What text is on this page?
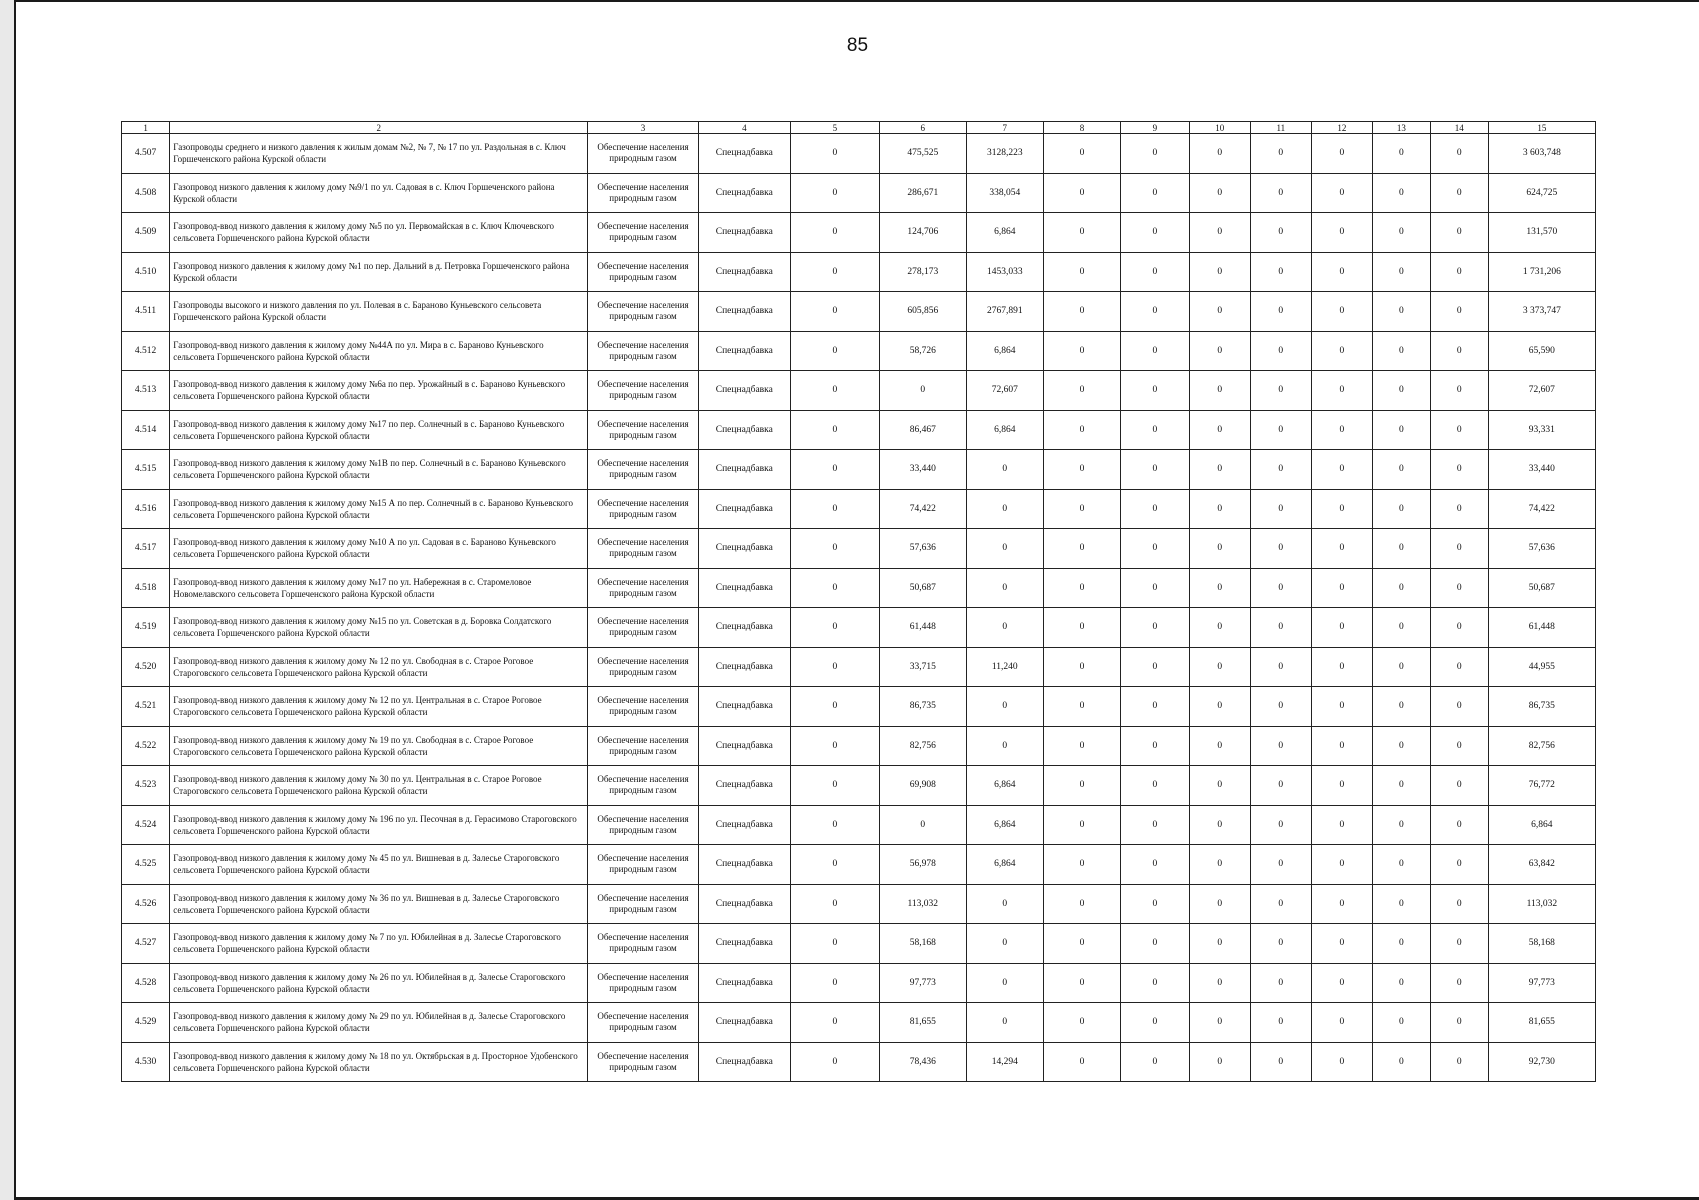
85
1	2	3	4	5	6	7	8	9	10	11	12	13	14	15
4.507	Газопроводы среднего и низкого давления к жилым домам №2, № 7, № 17 по ул. Раздольная в с. Ключ Горшеченского района Курской области	Обеспечение населения природным газом	Спецнадбавка	0	475,525	3128,223	0	0	0	0	0	0	0	3 603,748
4.508	Газопровод низкого давления к жилому дому №9/1 по ул. Садовая в с. Ключ Горшеченского района Курской области	Обеспечение населения природным газом	Спецнадбавка	0	286,671	338,054	0	0	0	0	0	0	0	624,725
4.509	Газопровод-ввод низкого давления к жилому дому №5 по ул. Первомайская в с. Ключ Ключевского сельсовета Горшеченского района Курской области	Обеспечение населения природным газом	Спецнадбавка	0	124,706	6,864	0	0	0	0	0	0	0	131,570
4.510	Газопровод низкого давления к жилому дому №1 по пер. Дальний в д. Петровка Горшеченского района Курской области	Обеспечение населения природным газом	Спецнадбавка	0	278,173	1453,033	0	0	0	0	0	0	0	1 731,206
4.511	Газопроводы высокого и низкого давления по ул. Полевая в с. Бараново Куньевского сельсовета Горшеченского района Курской области	Обеспечение населения природным газом	Спецнадбавка	0	605,856	2767,891	0	0	0	0	0	0	0	3 373,747
4.512	Газопровод-ввод низкого давления к жилому дому №44А по ул. Мира в с. Бараново Куньевского сельсовета Горшеченского района Курской области	Обеспечение населения природным газом	Спецнадбавка	0	58,726	6,864	0	0	0	0	0	0	0	65,590
4.513	Газопровод-ввод низкого давления к жилому дому №6а по пер. Урожайный в с. Бараново Куньевского сельсовета Горшеченского района Курской области	Обеспечение населения природным газом	Спецнадбавка	0	0	72,607	0	0	0	0	0	0	0	72,607
4.514	Газопровод-ввод низкого давления к жилому дому №17 по пер. Солнечный в с. Бараново Куньевского сельсовета Горшеченского района Курской области	Обеспечение населения природным газом	Спецнадбавка	0	86,467	6,864	0	0	0	0	0	0	0	93,331
4.515	Газопровод-ввод низкого давления к жилому дому №1В по пер. Солнечный в с. Бараново Куньевского сельсовета Горшеченского района Курской области	Обеспечение населения природным газом	Спецнадбавка	0	33,440	0	0	0	0	0	0	0	0	33,440
4.516	Газопровод-ввод низкого давления к жилому дому №15 А по пер. Солнечный в с. Бараново Куньевского сельсовета Горшеченского района Курской области	Обеспечение населения природным газом	Спецнадбавка	0	74,422	0	0	0	0	0	0	0	0	74,422
4.517	Газопровод-ввод низкого давления к жилому дому №10 А по ул. Садовая в с. Бараново Куньевского сельсовета Горшеченского района Курской области	Обеспечение населения природным газом	Спецнадбавка	0	57,636	0	0	0	0	0	0	0	0	57,636
4.518	Газопровод-ввод низкого давления к жилому дому №17 по ул. Набережная в с. Старомеловое Новомелавского сельсовета Горшеченского района Курской области	Обеспечение населения природным газом	Спецнадбавка	0	50,687	0	0	0	0	0	0	0	0	50,687
4.519	Газопровод-ввод низкого давления к жилому дому №15 по ул. Советская в д. Боровка Солдатского сельсовета Горшеченского района Курской области	Обеспечение населения природным газом	Спецнадбавка	0	61,448	0	0	0	0	0	0	0	0	61,448
4.520	Газопровод-ввод низкого давления к жилому дому № 12 по ул. Свободная в с. Старое Роговое Староговского сельсовета Горшеченского района Курской области	Обеспечение населения природным газом	Спецнадбавка	0	33,715	11,240	0	0	0	0	0	0	0	44,955
4.521	Газопровод-ввод низкого давления к жилому дому № 12 по ул. Центральная в с. Старое Роговое Староговского сельсовета Горшеченского района Курской области	Обеспечение населения природным газом	Спецнадбавка	0	86,735	0	0	0	0	0	0	0	0	86,735
4.522	Газопровод-ввод низкого давления к жилому дому № 19 по ул. Свободная в с. Старое Роговое Староговского сельсовета Горшеченского района Курской области	Обеспечение населения природным газом	Спецнадбавка	0	82,756	0	0	0	0	0	0	0	0	82,756
4.523	Газопровод-ввод низкого давления к жилому дому № 30 по ул. Центральная в с. Старое Роговое Староговского сельсовета Горшеченского района Курской области	Обеспечение населения природным газом	Спецнадбавка	0	69,908	6,864	0	0	0	0	0	0	0	76,772
4.524	Газопровод-ввод низкого давления к жилому дому № 196 по ул. Песочная в д. Герасимово Староговского сельсовета Горшеченского района Курской области	Обеспечение населения природным газом	Спецнадбавка	0	0	6,864	0	0	0	0	0	0	0	6,864
4.525	Газопровод-ввод низкого давления к жилому дому № 45 по ул. Вишневая в д. Залесье Староговского сельсовета Горшеченского района Курской области	Обеспечение населения природным газом	Спецнадбавка	0	56,978	6,864	0	0	0	0	0	0	0	63,842
4.526	Газопровод-ввод низкого давления к жилому дому № 36 по ул. Вишневая в д. Залесье Староговского сельсовета Горшеченского района Курской области	Обеспечение населения природным газом	Спецнадбавка	0	113,032	0	0	0	0	0	0	0	0	113,032
4.527	Газопровод-ввод низкого давления к жилому дому № 7 по ул. Юбилейная в д. Залесье Староговского сельсовета Горшеченского района Курской области	Обеспечение населения природным газом	Спецнадбавка	0	58,168	0	0	0	0	0	0	0	0	58,168
4.528	Газопровод-ввод низкого давления к жилому дому № 26 по ул. Юбилейная в д. Залесье Староговского сельсовета Горшеченского района Курской области	Обеспечение населения природным газом	Спецнадбавка	0	97,773	0	0	0	0	0	0	0	0	97,773
4.529	Газопровод-ввод низкого давления к жилому дому № 29 по ул. Юбилейная в д. Залесье Староговского сельсовета Горшеченского района Курской области	Обеспечение населения природным газом	Спецнадбавка	0	81,655	0	0	0	0	0	0	0	0	81,655
4.530	Газопровод-ввод низкого давления к жилому дому № 18 по ул. Октябрьская в д. Просторное Удобенского сельсовета Горшеченского района Курской области	Обеспечение населения природным газом	Спецнадбавка	0	78,436	14,294	0	0	0	0	0	0	0	92,730
